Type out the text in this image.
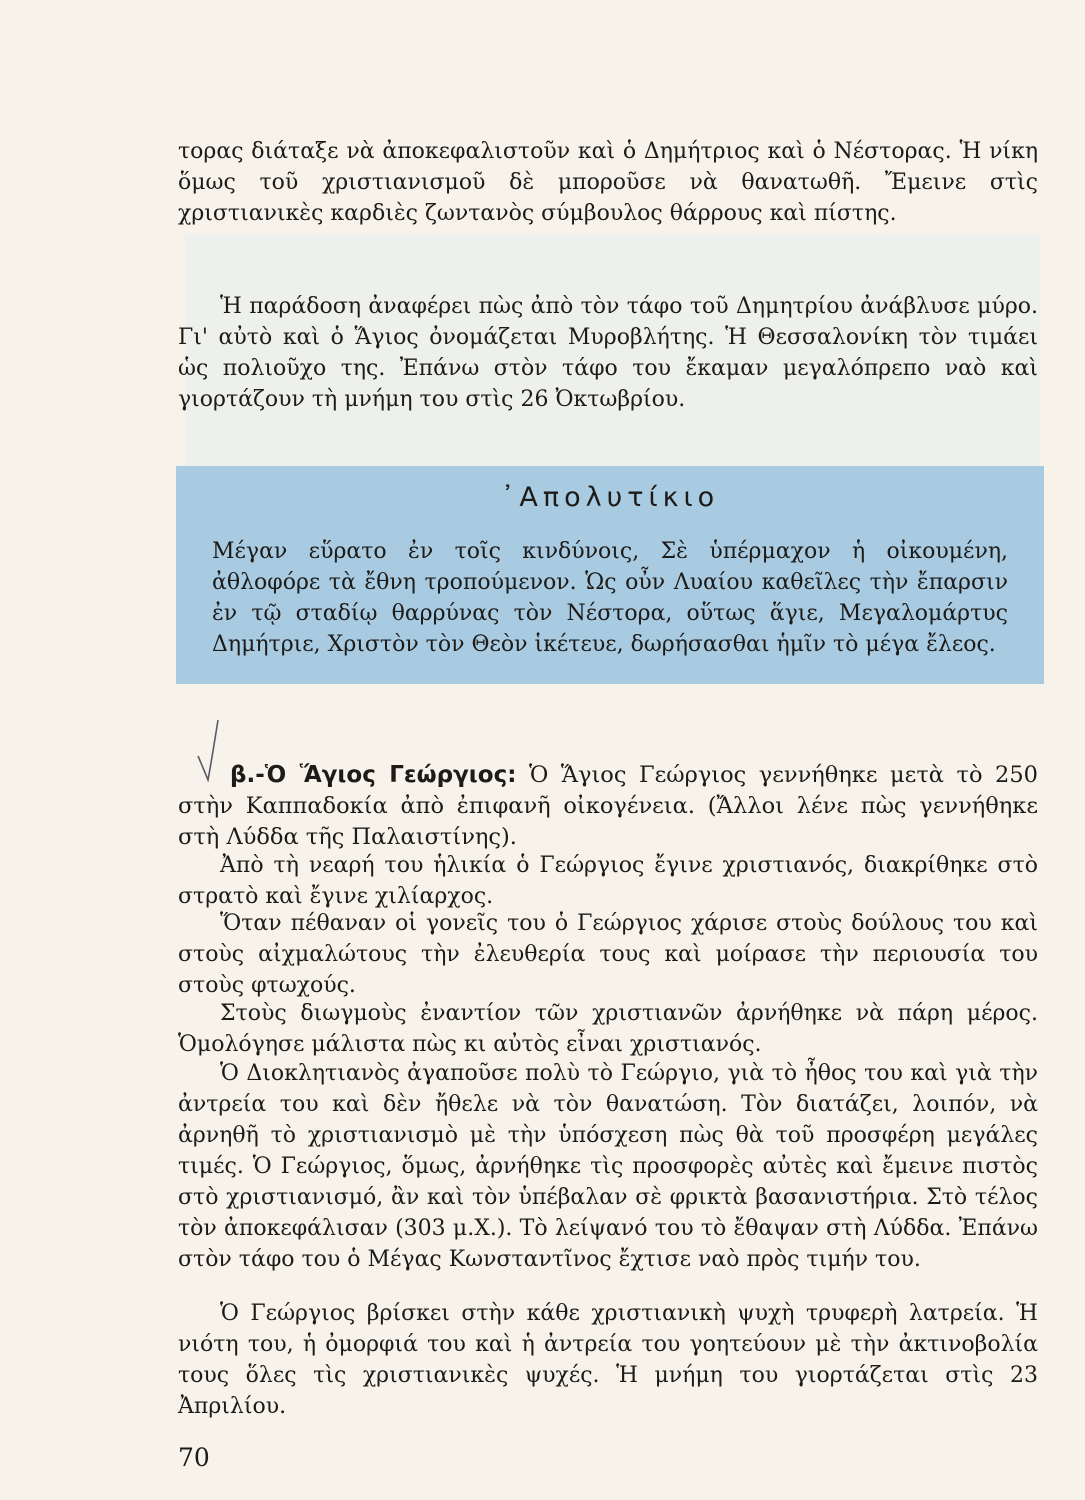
τορας διάταξε νὰ ἀποκεφαλιστοῦν καὶ ὁ Δημήτριος καὶ ὁ Νέστορας. Ἡ νίκη ὅμως τοῦ χριστιανισμοῦ δὲ μποροῦσε νὰ θανατωθῆ. Ἔμεινε στὶς χριστιανικὲς καρδιὲς ζωντανὸς σύμβουλος θάρρους καὶ πίστης.

Ἡ παράδοση ἀναφέρει πὼς ἀπὸ τὸν τάφο τοῦ Δημητρίου ἀνάβλυσε μύρο. Γι' αὐτὸ καὶ ὁ Ἅγιος ὀνομάζεται Μυροβλήτης. Ἡ Θεσσαλονίκη τὸν τιμάει ὡς πολιοῦχο της. Ἐπάνω στὸν τάφο του ἔκαμαν μεγαλόπρεπο ναὸ καὶ γιορτάζουν τὴ μνήμη του στὶς 26 Ὀκτωβρίου.

᾿Απολυτίκιο

Μέγαν εὕρατο ἐν τοῖς κινδύνοις, Σὲ ὑπέρμαχον ἡ οἰκουμένη, ἀθλοφόρε τὰ ἔθνη τροπούμενον. Ὡς οὖν Λυαίου καθεῖλες τὴν ἔπαρσιν ἐν τῷ σταδίῳ θαρρύνας τὸν Νέστορα, οὕτως ἅγιε, Μεγαλομάρτυς Δημήτριε, Χριστὸν τὸν Θεὸν ἱκέτευε, δωρήσασθαι ἡμῖν τὸ μέγα ἔλεος.

β.-Ὁ Ἅγιος Γεώργιος: Ὁ Ἅγιος Γεώργιος γεννήθηκε μετὰ τὸ 250 στὴν Καππαδοκία ἀπὸ ἐπιφανῆ οἰκογένεια. (Ἄλλοι λένε πὼς γεννήθηκε στὴ Λύδδα τῆς Παλαιστίνης).

Ἀπὸ τὴ νεαρή του ἡλικία ὁ Γεώργιος ἔγινε χριστιανός, διακρίθηκε στὸ στρατὸ καὶ ἔγινε χιλίαρχος.

Ὅταν πέθαναν οἱ γονεῖς του ὁ Γεώργιος χάρισε στοὺς δούλους του καὶ στοὺς αἰχμαλώτους τὴν ἐλευθερία τους καὶ μοίρασε τὴν περιουσία του στοὺς φτωχούς.

Στοὺς διωγμοὺς ἐναντίον τῶν χριστιανῶν ἀρνήθηκε νὰ πάρη μέρος. Ὁμολόγησε μάλιστα πὼς κι αὐτὸς εἶναι χριστιανός.

Ὁ Διοκλητιανὸς ἀγαποῦσε πολὺ τὸ Γεώργιο, γιὰ τὸ ἦθος του καὶ γιὰ τὴν ἀντρεία του καὶ δὲν ἤθελε νὰ τὸν θανατώση. Τὸν διατάζει, λοιπόν, νὰ ἀρνηθῆ τὸ χριστιανισμὸ μὲ τὴν ὑπόσχεση πὼς θὰ τοῦ προσφέρη μεγάλες τιμές. Ὁ Γεώργιος, ὅμως, ἀρνήθηκε τὶς προσφορὲς αὐτὲς καὶ ἔμεινε πιστὸς στὸ χριστιανισμό, ἂν καὶ τὸν ὑπέβαλαν σὲ φρικτὰ βασανιστήρια. Στὸ τέλος τὸν ἀποκεφάλισαν (303 μ.Χ.). Τὸ λείψανό του τὸ ἔθαψαν στὴ Λύδδα. Ἐπάνω στὸν τάφο του ὁ Μέγας Κωνσταντῖνος ἔχτισε ναὸ πρὸς τιμήν του.

Ὁ Γεώργιος βρίσκει στὴν κάθε χριστιανικὴ ψυχὴ τρυφερὴ λατρεία. Ἡ νιότη του, ἡ ὀμορφιά του καὶ ἡ ἀντρεία του γοητεύουν μὲ τὴν ἀκτινοβολία τους ὅλες τὶς χριστιανικὲς ψυχές. Ἡ μνήμη του γιορτάζεται στὶς 23 Ἀπριλίου.

70
